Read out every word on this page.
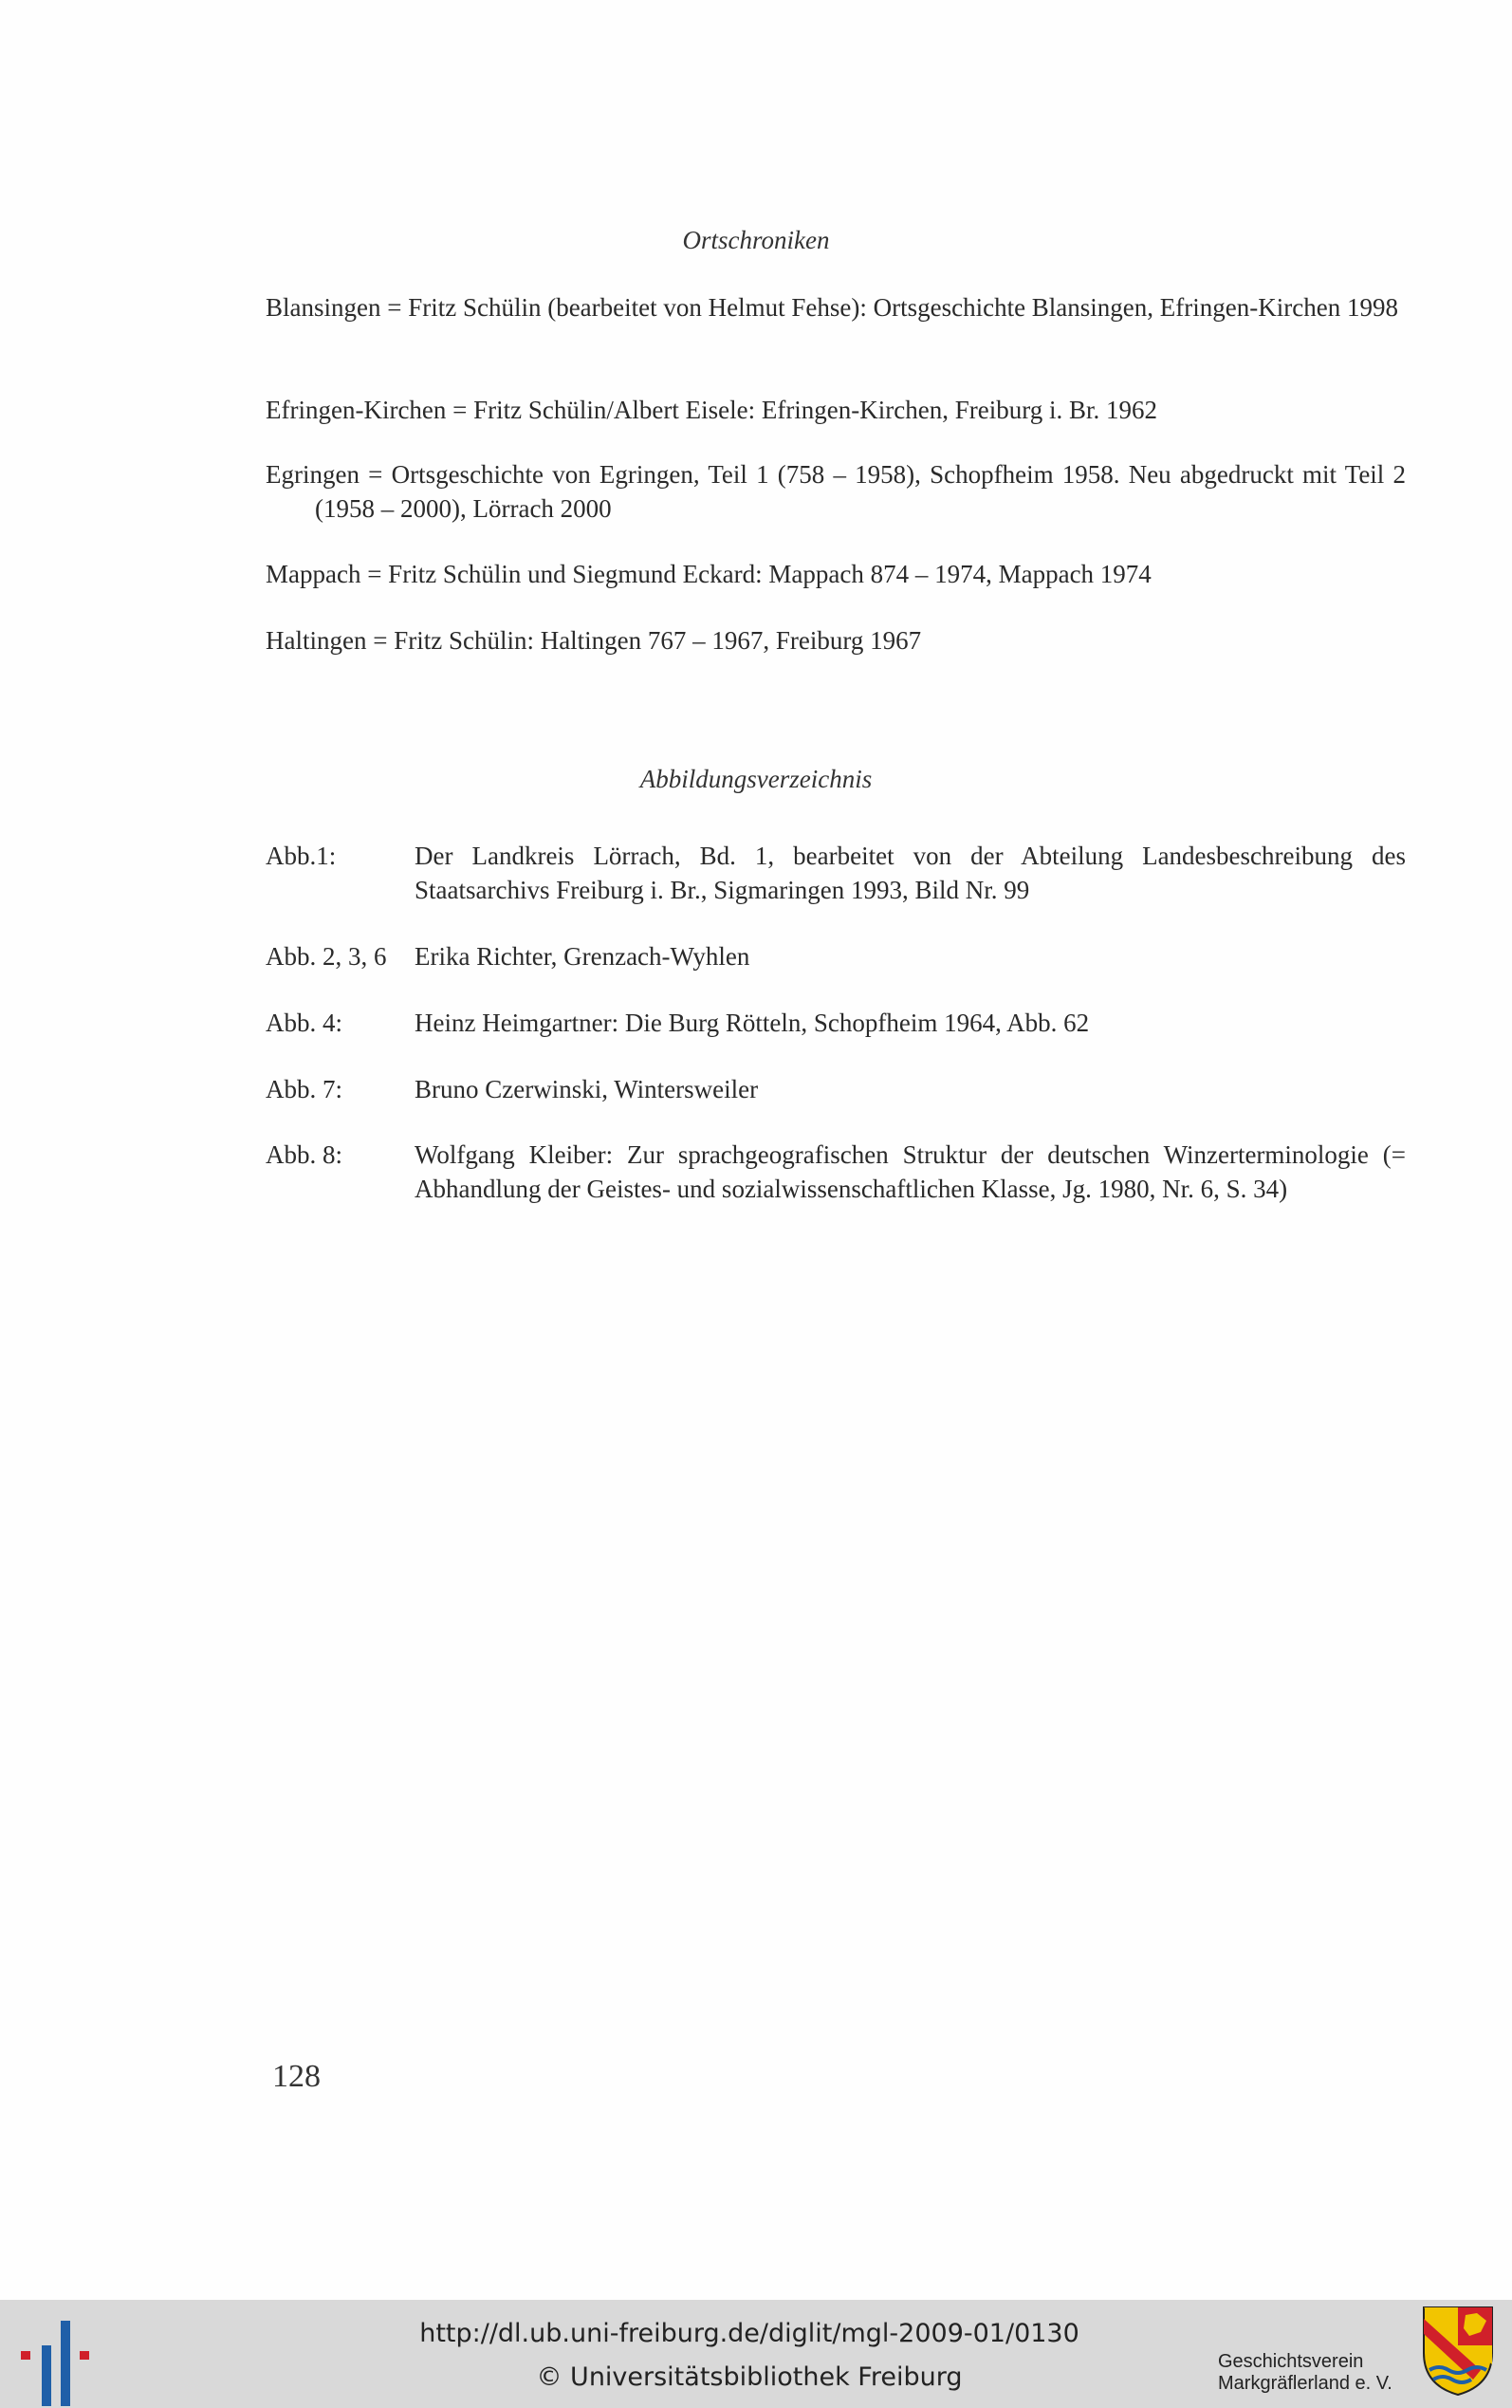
Ortschroniken
Blansingen = Fritz Schülin (bearbeitet von Helmut Fehse): Ortsgeschichte Blansingen, Efringen-Kirchen 1998
Efringen-Kirchen = Fritz Schülin/Albert Eisele: Efringen-Kirchen, Freiburg i. Br. 1962
Egringen = Ortsgeschichte von Egringen, Teil 1 (758 – 1958), Schopfheim 1958. Neu abgedruckt mit Teil 2 (1958 – 2000), Lörrach 2000
Mappach = Fritz Schülin und Siegmund Eckard: Mappach 874 – 1974, Mappach 1974
Haltingen = Fritz Schülin: Haltingen 767 – 1967, Freiburg 1967
Abbildungsverzeichnis
Abb.1:	Der Landkreis Lörrach, Bd. 1, bearbeitet von der Abteilung Landesbeschreibung des Staatsarchivs Freiburg i. Br., Sigmaringen 1993, Bild Nr. 99
Abb. 2, 3, 6	Erika Richter, Grenzach-Wyhlen
Abb. 4:	Heinz Heimgartner: Die Burg Rötteln, Schopfheim 1964, Abb. 62
Abb. 7:	Bruno Czerwinski, Wintersweiler
Abb. 8:	Wolfgang Kleiber: Zur sprachgeografischen Struktur der deutschen Winzerterminologie (= Abhandlung der Geistes- und sozialwissenschaftlichen Klasse, Jg. 1980, Nr. 6, S. 34)
128
http://dl.ub.uni-freiburg.de/diglit/mgl-2009-01/0130
© Universitätsbibliothek Freiburg
Geschichtsverein
Markgräflerland e. V.
